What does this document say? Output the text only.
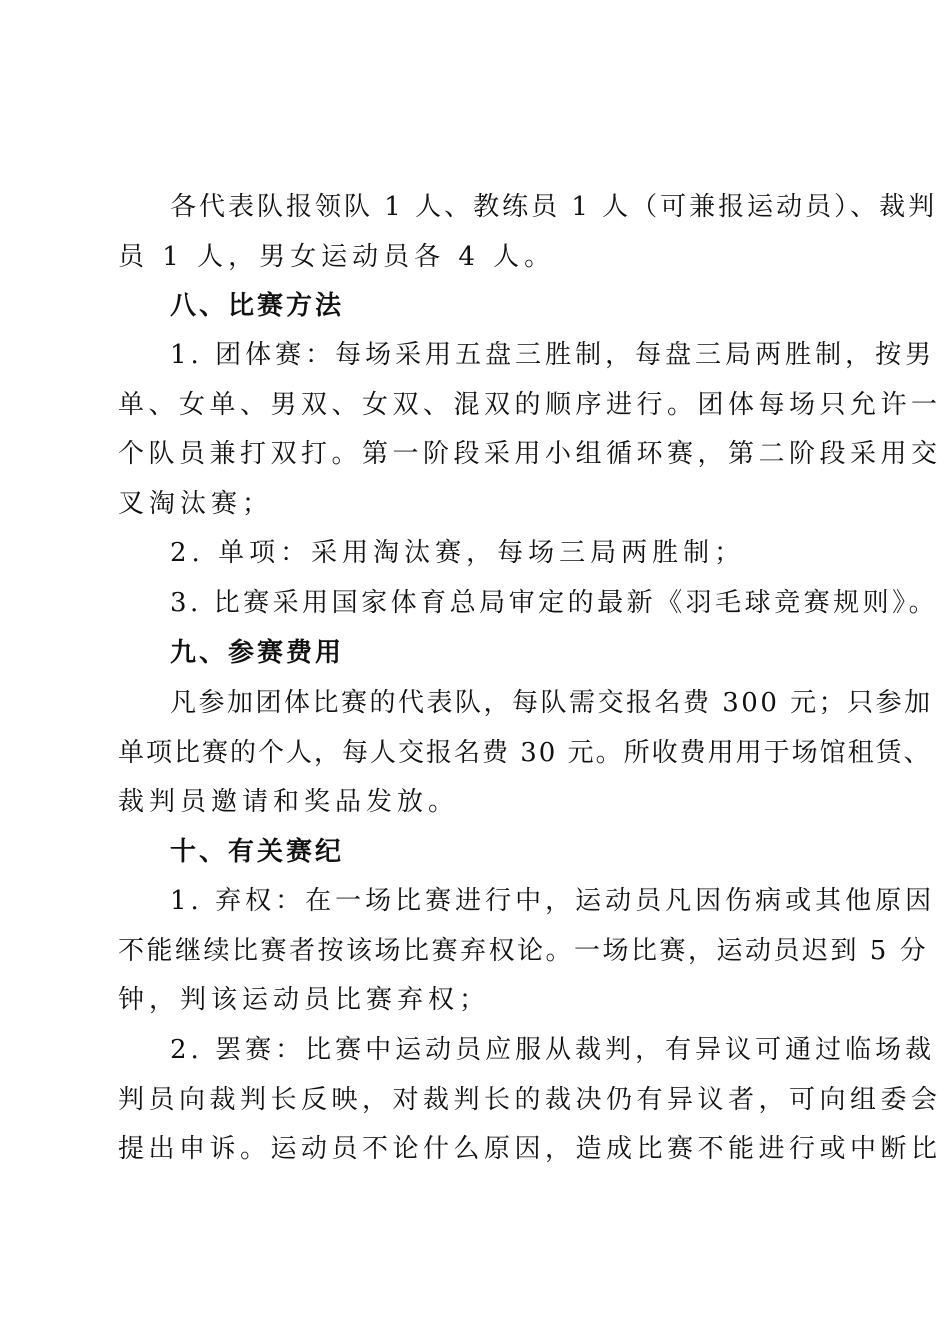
各代表队报领队 1 人、教练员 1 人（可兼报运动员）、裁判
员 1 人，男女运动员各 4 人。
八、比赛方法
1. 团体赛：每场采用五盘三胜制，每盘三局两胜制，按男
单、女单、男双、女双、混双的顺序进行。团体每场只允许一
个队员兼打双打。第一阶段采用小组循环赛，第二阶段采用交
叉淘汰赛；
2. 单项：采用淘汰赛，每场三局两胜制；
3. 比赛采用国家体育总局审定的最新《羽毛球竞赛规则》。
九、参赛费用
凡参加团体比赛的代表队，每队需交报名费 300 元；只参加
单项比赛的个人，每人交报名费 30 元。所收费用用于场馆租赁、
裁判员邀请和奖品发放。
十、有关赛纪
1. 弃权：在一场比赛进行中，运动员凡因伤病或其他原因
不能继续比赛者按该场比赛弃权论。一场比赛，运动员迟到 5 分
钟，判该运动员比赛弃权；
2. 罢赛：比赛中运动员应服从裁判，有异议可通过临场裁
判员向裁判长反映，对裁判长的裁决仍有异议者，可向组委会
提出申诉。运动员不论什么原因，造成比赛不能进行或中断比
